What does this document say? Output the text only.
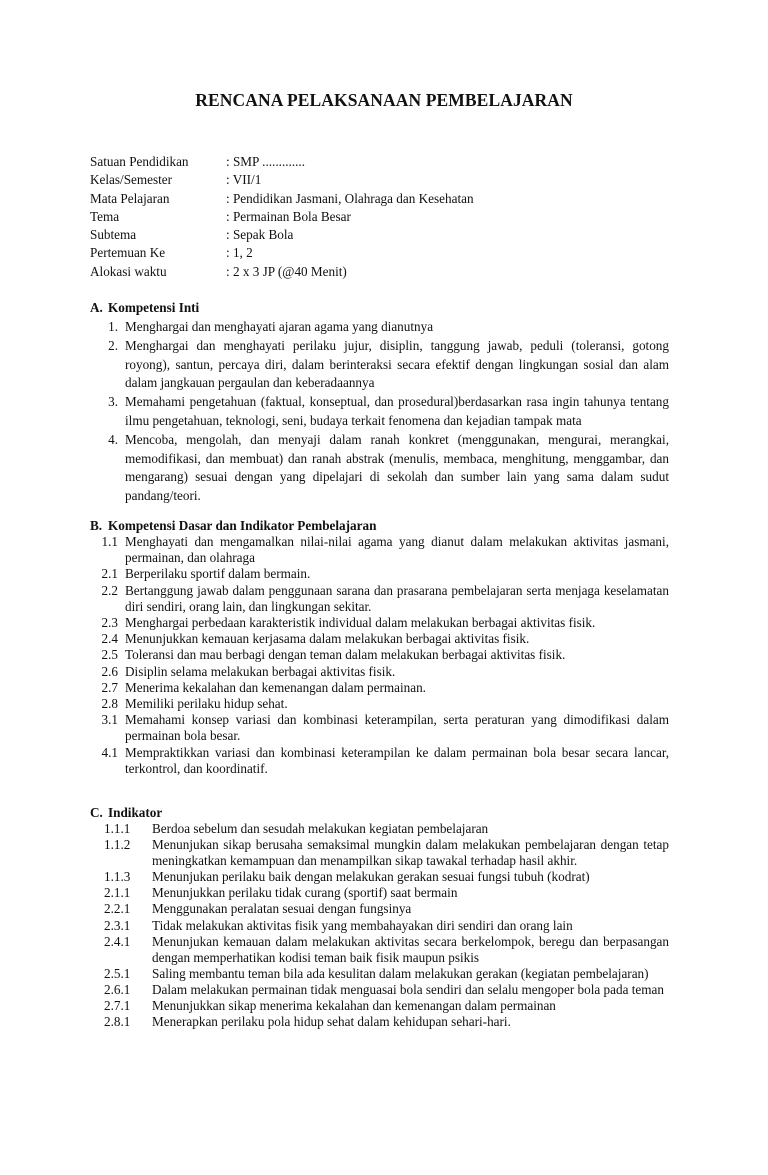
RENCANA PELAKSANAAN PEMBELAJARAN
Satuan Pendidikan	: SMP .............
Kelas/Semester	: VII/1
Mata Pelajaran	: Pendidikan Jasmani, Olahraga dan Kesehatan
Tema	: Permainan Bola Besar
Subtema	: Sepak Bola
Pertemuan Ke	: 1, 2
Alokasi waktu	: 2 x 3 JP (@40 Menit)
A. Kompetensi Inti
1. Menghargai dan menghayati ajaran agama yang dianutnya
2. Menghargai dan menghayati perilaku jujur, disiplin, tanggung jawab, peduli (toleransi, gotong royong), santun, percaya diri, dalam berinteraksi secara efektif dengan lingkungan sosial dan alam dalam jangkauan pergaulan dan keberadaannya
3. Memahami pengetahuan (faktual, konseptual, dan prosedural)berdasarkan rasa ingin tahunya tentang ilmu pengetahuan, teknologi, seni, budaya terkait fenomena dan kejadian tampak mata
4. Mencoba, mengolah, dan menyaji dalam ranah konkret (menggunakan, mengurai, merangkai, memodifikasi, dan membuat) dan ranah abstrak (menulis, membaca, menghitung, menggambar, dan mengarang) sesuai dengan yang dipelajari di sekolah dan sumber lain yang sama dalam sudut pandang/teori.
B. Kompetensi Dasar dan Indikator Pembelajaran
1.1 Menghayati dan mengamalkan nilai-nilai agama yang dianut dalam melakukan aktivitas jasmani, permainan, dan olahraga
2.1 Berperilaku sportif dalam bermain.
2.2 Bertanggung jawab dalam penggunaan sarana dan prasarana pembelajaran serta menjaga keselamatan diri sendiri, orang lain, dan lingkungan sekitar.
2.3 Menghargai perbedaan karakteristik individual dalam melakukan berbagai aktivitas fisik.
2.4 Menunjukkan kemauan kerjasama dalam melakukan berbagai aktivitas fisik.
2.5 Toleransi dan mau berbagi dengan teman dalam melakukan berbagai aktivitas fisik.
2.6 Disiplin selama melakukan berbagai aktivitas fisik.
2.7 Menerima kekalahan dan kemenangan dalam permainan.
2.8 Memiliki perilaku hidup sehat.
3.1 Memahami konsep variasi dan kombinasi keterampilan, serta peraturan yang dimodifikasi dalam permainan bola besar.
4.1 Mempraktikkan variasi dan kombinasi keterampilan ke dalam permainan bola besar secara lancar, terkontrol, dan koordinatif.
C. Indikator
1.1.1	Berdoa sebelum dan sesudah melakukan kegiatan pembelajaran
1.1.2	Menunjukan sikap berusaha semaksimal mungkin dalam melakukan pembelajaran dengan tetap meningkatkan kemampuan dan menampilkan sikap tawakal terhadap hasil akhir.
1.1.3	Menunjukan perilaku baik dengan melakukan gerakan sesuai fungsi tubuh (kodrat)
2.1.1	Menunjukkan perilaku tidak curang (sportif) saat bermain
2.2.1	Menggunakan peralatan sesuai dengan fungsinya
2.3.1	Tidak melakukan aktivitas fisik yang membahayakan diri sendiri dan orang lain
2.4.1	Menunjukan kemauan dalam melakukan aktivitas secara berkelompok, beregu dan berpasangan dengan memperhatikan kodisi teman baik fisik maupun psikis
2.5.1	Saling membantu teman bila ada kesulitan dalam melakukan gerakan (kegiatan pembelajaran)
2.6.1	Dalam melakukan permainan tidak menguasai bola sendiri dan selalu mengoper bola pada teman
2.7.1	Menunjukkan sikap menerima kekalahan dan kemenangan dalam permainan
2.8.1	Menerapkan perilaku pola hidup sehat dalam kehidupan sehari-hari.
